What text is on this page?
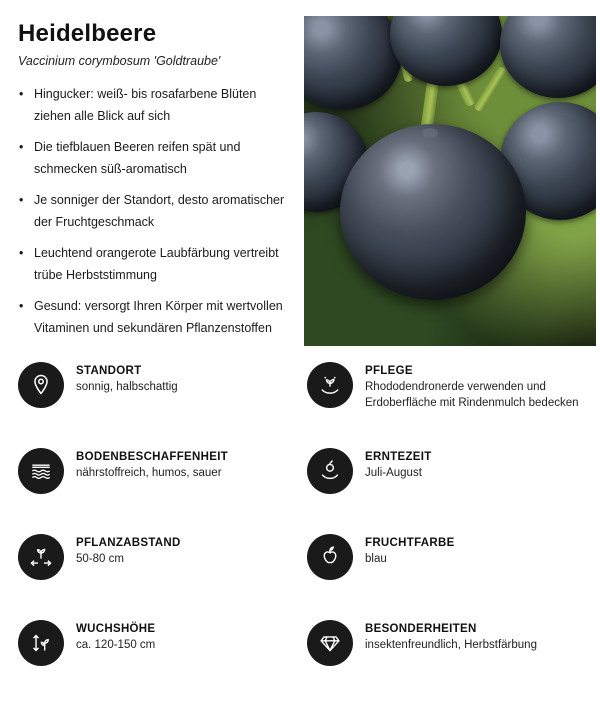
Heidelbeere
Vaccinium corymbosum 'Goldtraube'
• Hingucker: weiß- bis rosafarbene Blüten ziehen alle Blick auf sich
• Die tiefblauen Beeren reifen spät und schmecken süß-aromatisch
• Je sonniger der Standort, desto aromatischer der Fruchtgeschmack
• Leuchtend orangerote Laubfärbung vertreibt trübe Herbststimmung
• Gesund: versorgt Ihren Körper mit wertvollen Vitaminen und sekundären Pflanzenstoffen
STANDORT
sonnig, halbschattig
PFLEGE
Rhododendronerde verwenden und Erdoberfläche mit Rindenmulch bedecken
BODENBESCHAFFENHEIT
nährstoffreich, humos, sauer
ERNTEZEIT
Juli-August
PFLANZABSTAND
50-80 cm
FRUCHTFARBE
blau
WUCHSHÖHE
ca. 120-150 cm
BESONDERHEITEN
insektenfreundlich, Herbstfärbung
